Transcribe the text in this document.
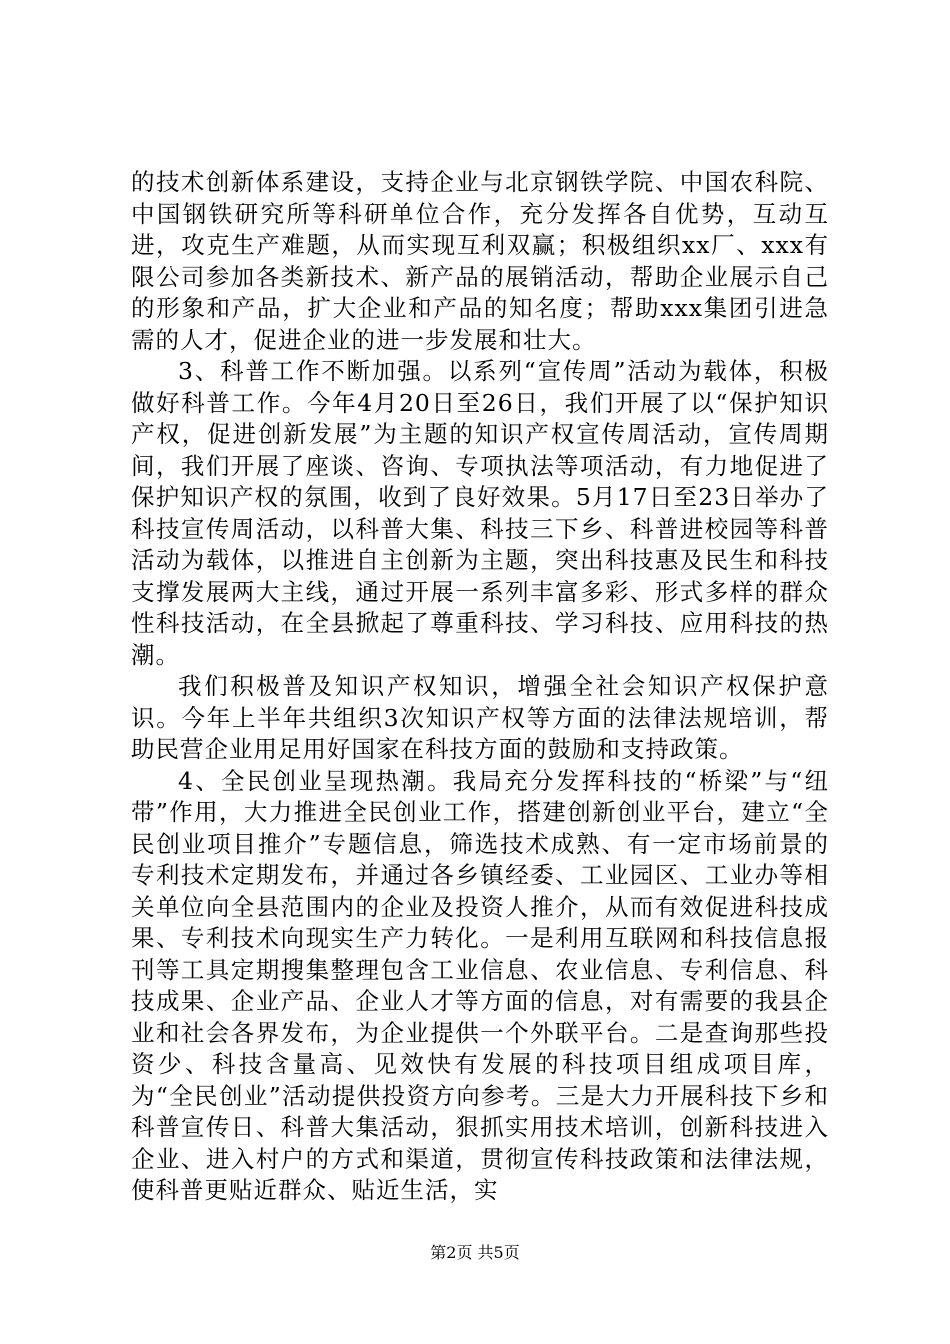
的技术创新体系建设，支持企业与北京钢铁学院、中国农科院、中国钢铁研究所等科研单位合作，充分发挥各自优势，互动互进，攻克生产难题，从而实现互利双赢；积极组织xx厂、xxx有限公司参加各类新技术、新产品的展销活动，帮助企业展示自己的形象和产品，扩大企业和产品的知名度；帮助xxx集团引进急需的人才，促进企业的进一步发展和壮大。

3、科普工作不断加强。以系列“宣传周”活动为载体，积极做好科普工作。今年4月20日至26日，我们开展了以“保护知识产权，促进创新发展”为主题的知识产权宣传周活动，宣传周期间，我们开展了座谈、咨询、专项执法等项活动，有力地促进了保护知识产权的氛围，收到了良好效果。5月17日至23日举办了科技宣传周活动，以科普大集、科技三下乡、科普进校园等科普活动为载体，以推进自主创新为主题，突出科技惠及民生和科技支撑发展两大主线，通过开展一系列丰富多彩、形式多样的群众性科技活动，在全县掀起了尊重科技、学习科技、应用科技的热潮。

我们积极普及知识产权知识，增强全社会知识产权保护意识。今年上半年共组织3次知识产权等方面的法律法规培训，帮助民营企业用足用好国家在科技方面的鼓励和支持政策。

4、全民创业呈现热潮。我局充分发挥科技的“桥梁”与“纽带”作用，大力推进全民创业工作，搭建创新创业平台，建立“全民创业项目推介”专题信息，筛选技术成熟、有一定市场前景的专利技术定期发布，并通过各乡镇经委、工业园区、工业办等相关单位向全县范围内的企业及投资人推介，从而有效促进科技成果、专利技术向现实生产力转化。一是利用互联网和科技信息报刊等工具定期搜集整理包含工业信息、农业信息、专利信息、科技成果、企业产品、企业人才等方面的信息，对有需要的我县企业和社会各界发布，为企业提供一个外联平台。二是查询那些投资少、科技含量高、见效快有发展的科技项目组成项目库，为“全民创业”活动提供投资方向参考。三是大力开展科技下乡和科普宣传日、科普大集活动，狠抓实用技术培训，创新科技进入企业、进入村户的方式和渠道，贯彻宣传科技政策和法律法规，使科普更贴近群众、贴近生活，实

第2页 共5页
